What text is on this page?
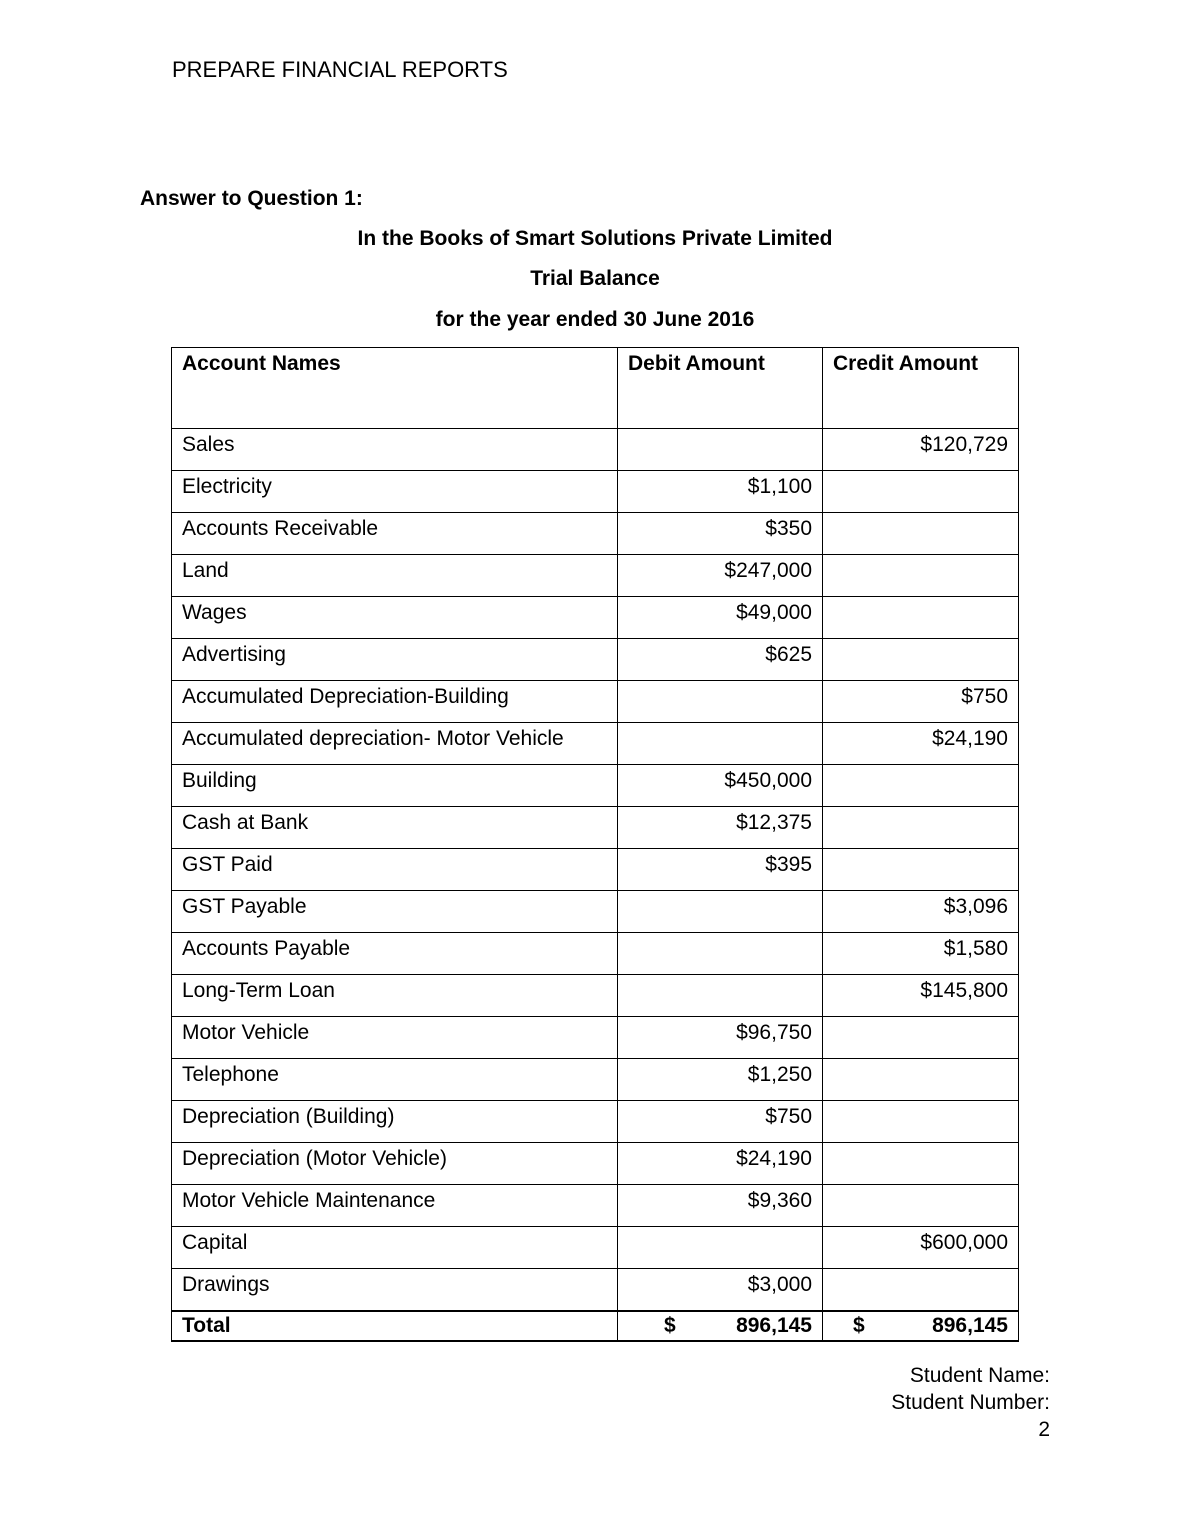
PREPARE FINANCIAL REPORTS
Answer to Question 1:
In the Books of Smart Solutions Private Limited
Trial Balance
for the year ended 30 June 2016
Account Names	Debit Amount	Credit Amount
Sales		$120,729
Electricity	$1,100	
Accounts Receivable	$350	
Land	$247,000	
Wages	$49,000	
Advertising	$625	
Accumulated Depreciation-Building		$750
Accumulated depreciation- Motor Vehicle		$24,190
Building	$450,000	
Cash at Bank	$12,375	
GST Paid	$395	
GST Payable		$3,096
Accounts Payable		$1,580
Long-Term Loan		$145,800
Motor Vehicle	$96,750	
Telephone	$1,250	
Depreciation (Building)	$750	
Depreciation (Motor Vehicle)	$24,190	
Motor Vehicle Maintenance	$9,360	
Capital		$600,000
Drawings	$3,000	
Total	$ 896,145	$ 896,145
Student Name:
Student Number:
2
